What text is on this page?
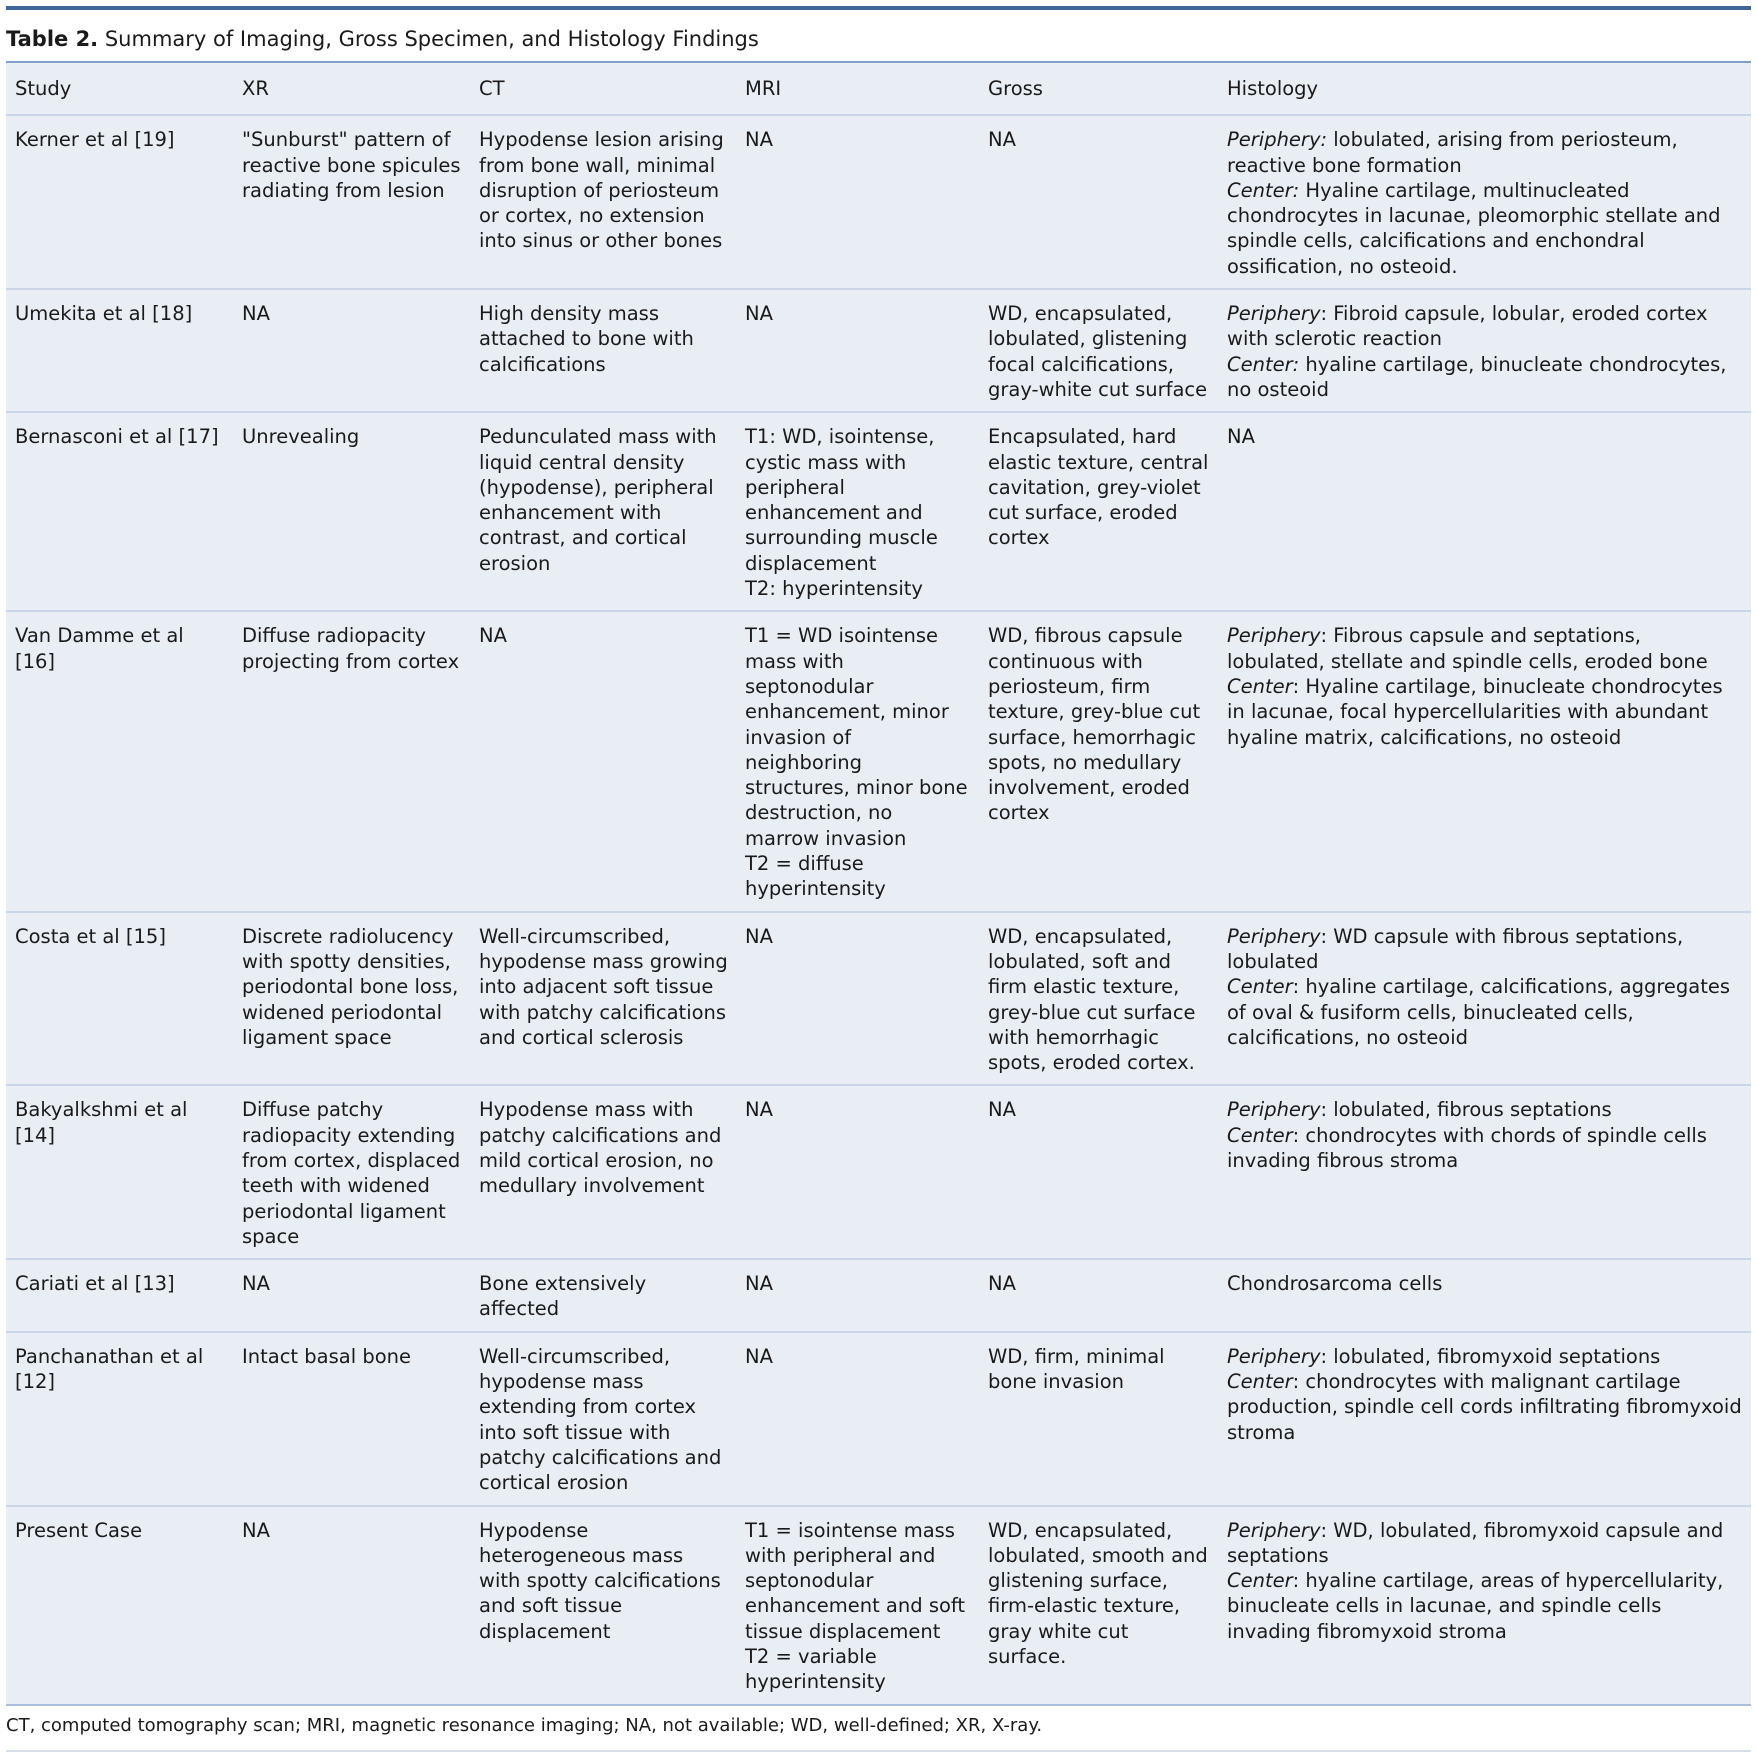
Table 2. Summary of Imaging, Gross Specimen, and Histology Findings
Study	XR	CT	MRI	Gross	Histology
Kerner et al [19]	"Sunburst" pattern of reactive bone spicules radiating from lesion	Hypodense lesion arising from bone wall, minimal disruption of periosteum or cortex, no extension into sinus or other bones	NA	NA	Periphery: lobulated, arising from periosteum, reactive bone formation
Center: Hyaline cartilage, multinucleated chondrocytes in lacunae, pleomorphic stellate and spindle cells, calcifications and enchondral ossification, no osteoid.
Umekita et al [18]	NA	High density mass attached to bone with calcifications	NA	WD, encapsulated, lobulated, glistening focal calcifications, gray-white cut surface	Periphery: Fibroid capsule, lobular, eroded cortex with sclerotic reaction
Center: hyaline cartilage, binucleate chondrocytes, no osteoid
Bernasconi et al [17]	Unrevealing	Pedunculated mass with liquid central density (hypodense), peripheral enhancement with contrast, and cortical erosion	T1: WD, isointense, cystic mass with peripheral enhancement and surrounding muscle displacement
T2: hyperintensity	Encapsulated, hard elastic texture, central cavitation, grey-violet cut surface, eroded cortex	NA
Van Damme et al [16]	Diffuse radiopacity projecting from cortex	NA	T1 = WD isointense mass with septonodular enhancement, minor invasion of neighboring structures, minor bone destruction, no marrow invasion
T2 = diffuse hyperintensity	WD, fibrous capsule continuous with periosteum, firm texture, grey-blue cut surface, hemorrhagic spots, no medullary involvement, eroded cortex	Periphery: Fibrous capsule and septations, lobulated, stellate and spindle cells, eroded bone
Center: Hyaline cartilage, binucleate chondrocytes in lacunae, focal hypercellularities with abundant hyaline matrix, calcifications, no osteoid
Costa et al [15]	Discrete radiolucency with spotty densities, periodontal bone loss, widened periodontal ligament space	Well-circumscribed, hypodense mass growing into adjacent soft tissue with patchy calcifications and cortical sclerosis	NA	WD, encapsulated, lobulated, soft and firm elastic texture, grey-blue cut surface with hemorrhagic spots, eroded cortex.	Periphery: WD capsule with fibrous septations, lobulated
Center: hyaline cartilage, calcifications, aggregates of oval & fusiform cells, binucleated cells, calcifications, no osteoid
Bakyalkshmi et al [14]	Diffuse patchy radiopacity extending from cortex, displaced teeth with widened periodontal ligament space	Hypodense mass with patchy calcifications and mild cortical erosion, no medullary involvement	NA	NA	Periphery: lobulated, fibrous septations
Center: chondrocytes with chords of spindle cells invading fibrous stroma
Cariati et al [13]	NA	Bone extensively affected	NA	NA	Chondrosarcoma cells
Panchanathan et al [12]	Intact basal bone	Well-circumscribed, hypodense mass extending from cortex into soft tissue with patchy calcifications and cortical erosion	NA	WD, firm, minimal bone invasion	Periphery: lobulated, fibromyxoid septations
Center: chondrocytes with malignant cartilage production, spindle cell cords infiltrating fibromyxoid stroma
Present Case	NA	Hypodense heterogeneous mass with spotty calcifications and soft tissue displacement	T1 = isointense mass with peripheral and septonodular enhancement and soft tissue displacement
T2 = variable hyperintensity	WD, encapsulated, lobulated, smooth and glistening surface, firm-elastic texture, gray white cut surface.	Periphery: WD, lobulated, fibromyxoid capsule and septations
Center: hyaline cartilage, areas of hypercellularity, binucleate cells in lacunae, and spindle cells invading fibromyxoid stroma
CT, computed tomography scan; MRI, magnetic resonance imaging; NA, not available; WD, well-defined; XR, X-ray.
